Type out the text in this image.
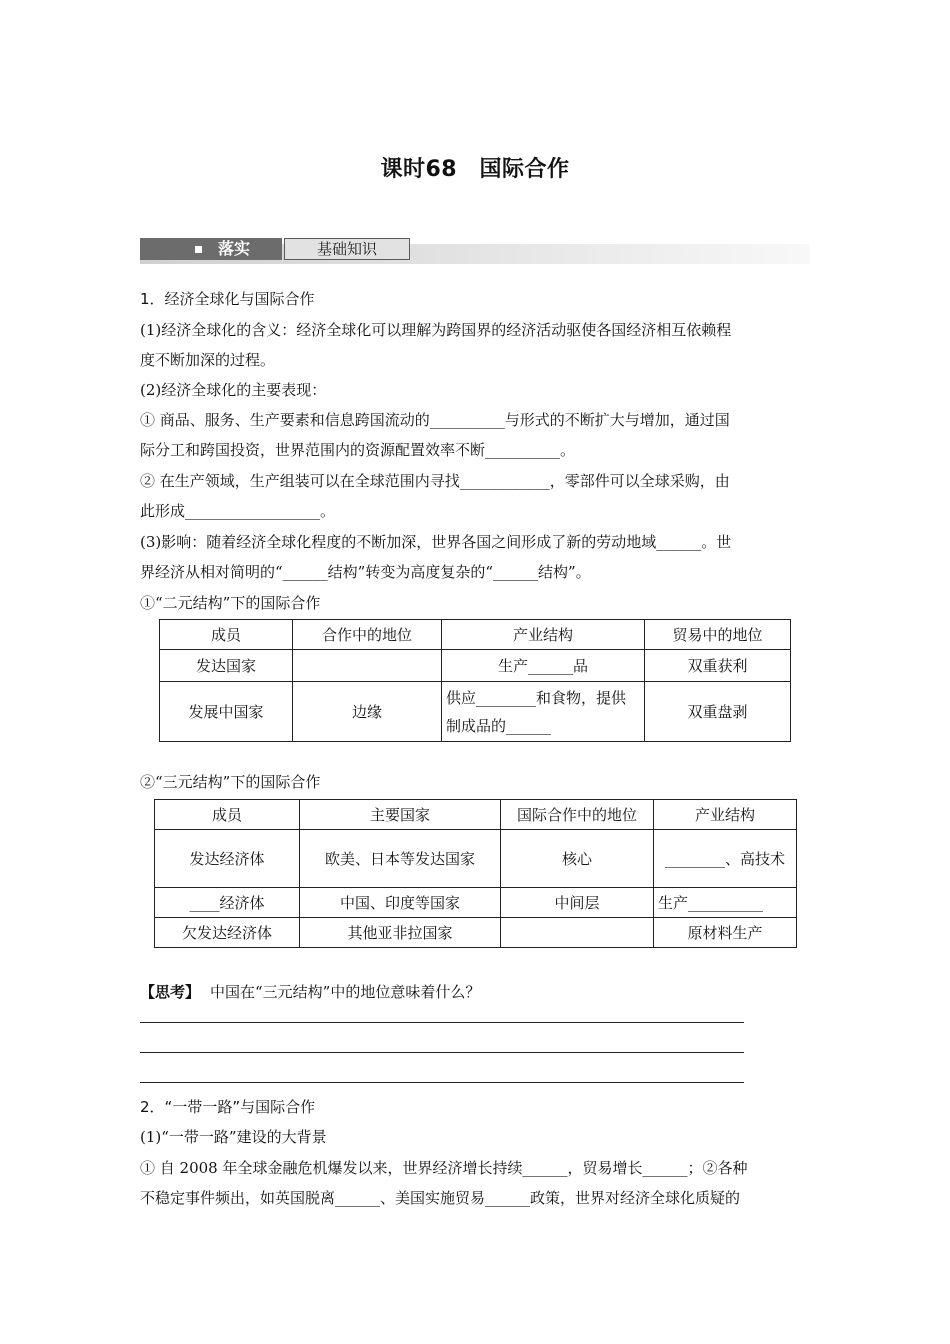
课时68　国际合作
落实	基础知识
1．经济全球化与国际合作
(1)经济全球化的含义：经济全球化可以理解为跨国界的经济活动驱使各国经济相互依赖程
度不断加深的过程。
(2)经济全球化的主要表现：
① 商品、服务、生产要素和信息跨国流动的__________与形式的不断扩大与增加，通过国
际分工和跨国投资，世界范围内的资源配置效率不断__________。
② 在生产领域，生产组装可以在全球范围内寻找____________，零部件可以全球采购，由
此形成__________________。
(3)影响：随着经济全球化程度的不断加深，世界各国之间形成了新的劳动地域______。世
界经济从相对简明的“______结构”转变为高度复杂的“______结构”。
①“二元结构”下的国际合作
成员	合作中的地位	产业结构	贸易中的地位
发达国家		生产______品	双重获利
发展中国家	边缘	供应________和食物，提供制成品的______	双重盘剥
②“三元结构”下的国际合作
成员	主要国家	国际合作中的地位	产业结构
发达经济体	欧美、日本等发达国家	核心	________、高技术
____经济体	中国、印度等国家	中间层	生产__________
欠发达经济体	其他亚非拉国家		原材料生产
【思考】 中国在“三元结构”中的地位意味着什么？
2．“一带一路”与国际合作
(1)“一带一路”建设的大背景
① 自 2008 年全球金融危机爆发以来，世界经济增长持续______，贸易增长______；②各种
不稳定事件频出，如英国脱离______、美国实施贸易______政策，世界对经济全球化质疑的
